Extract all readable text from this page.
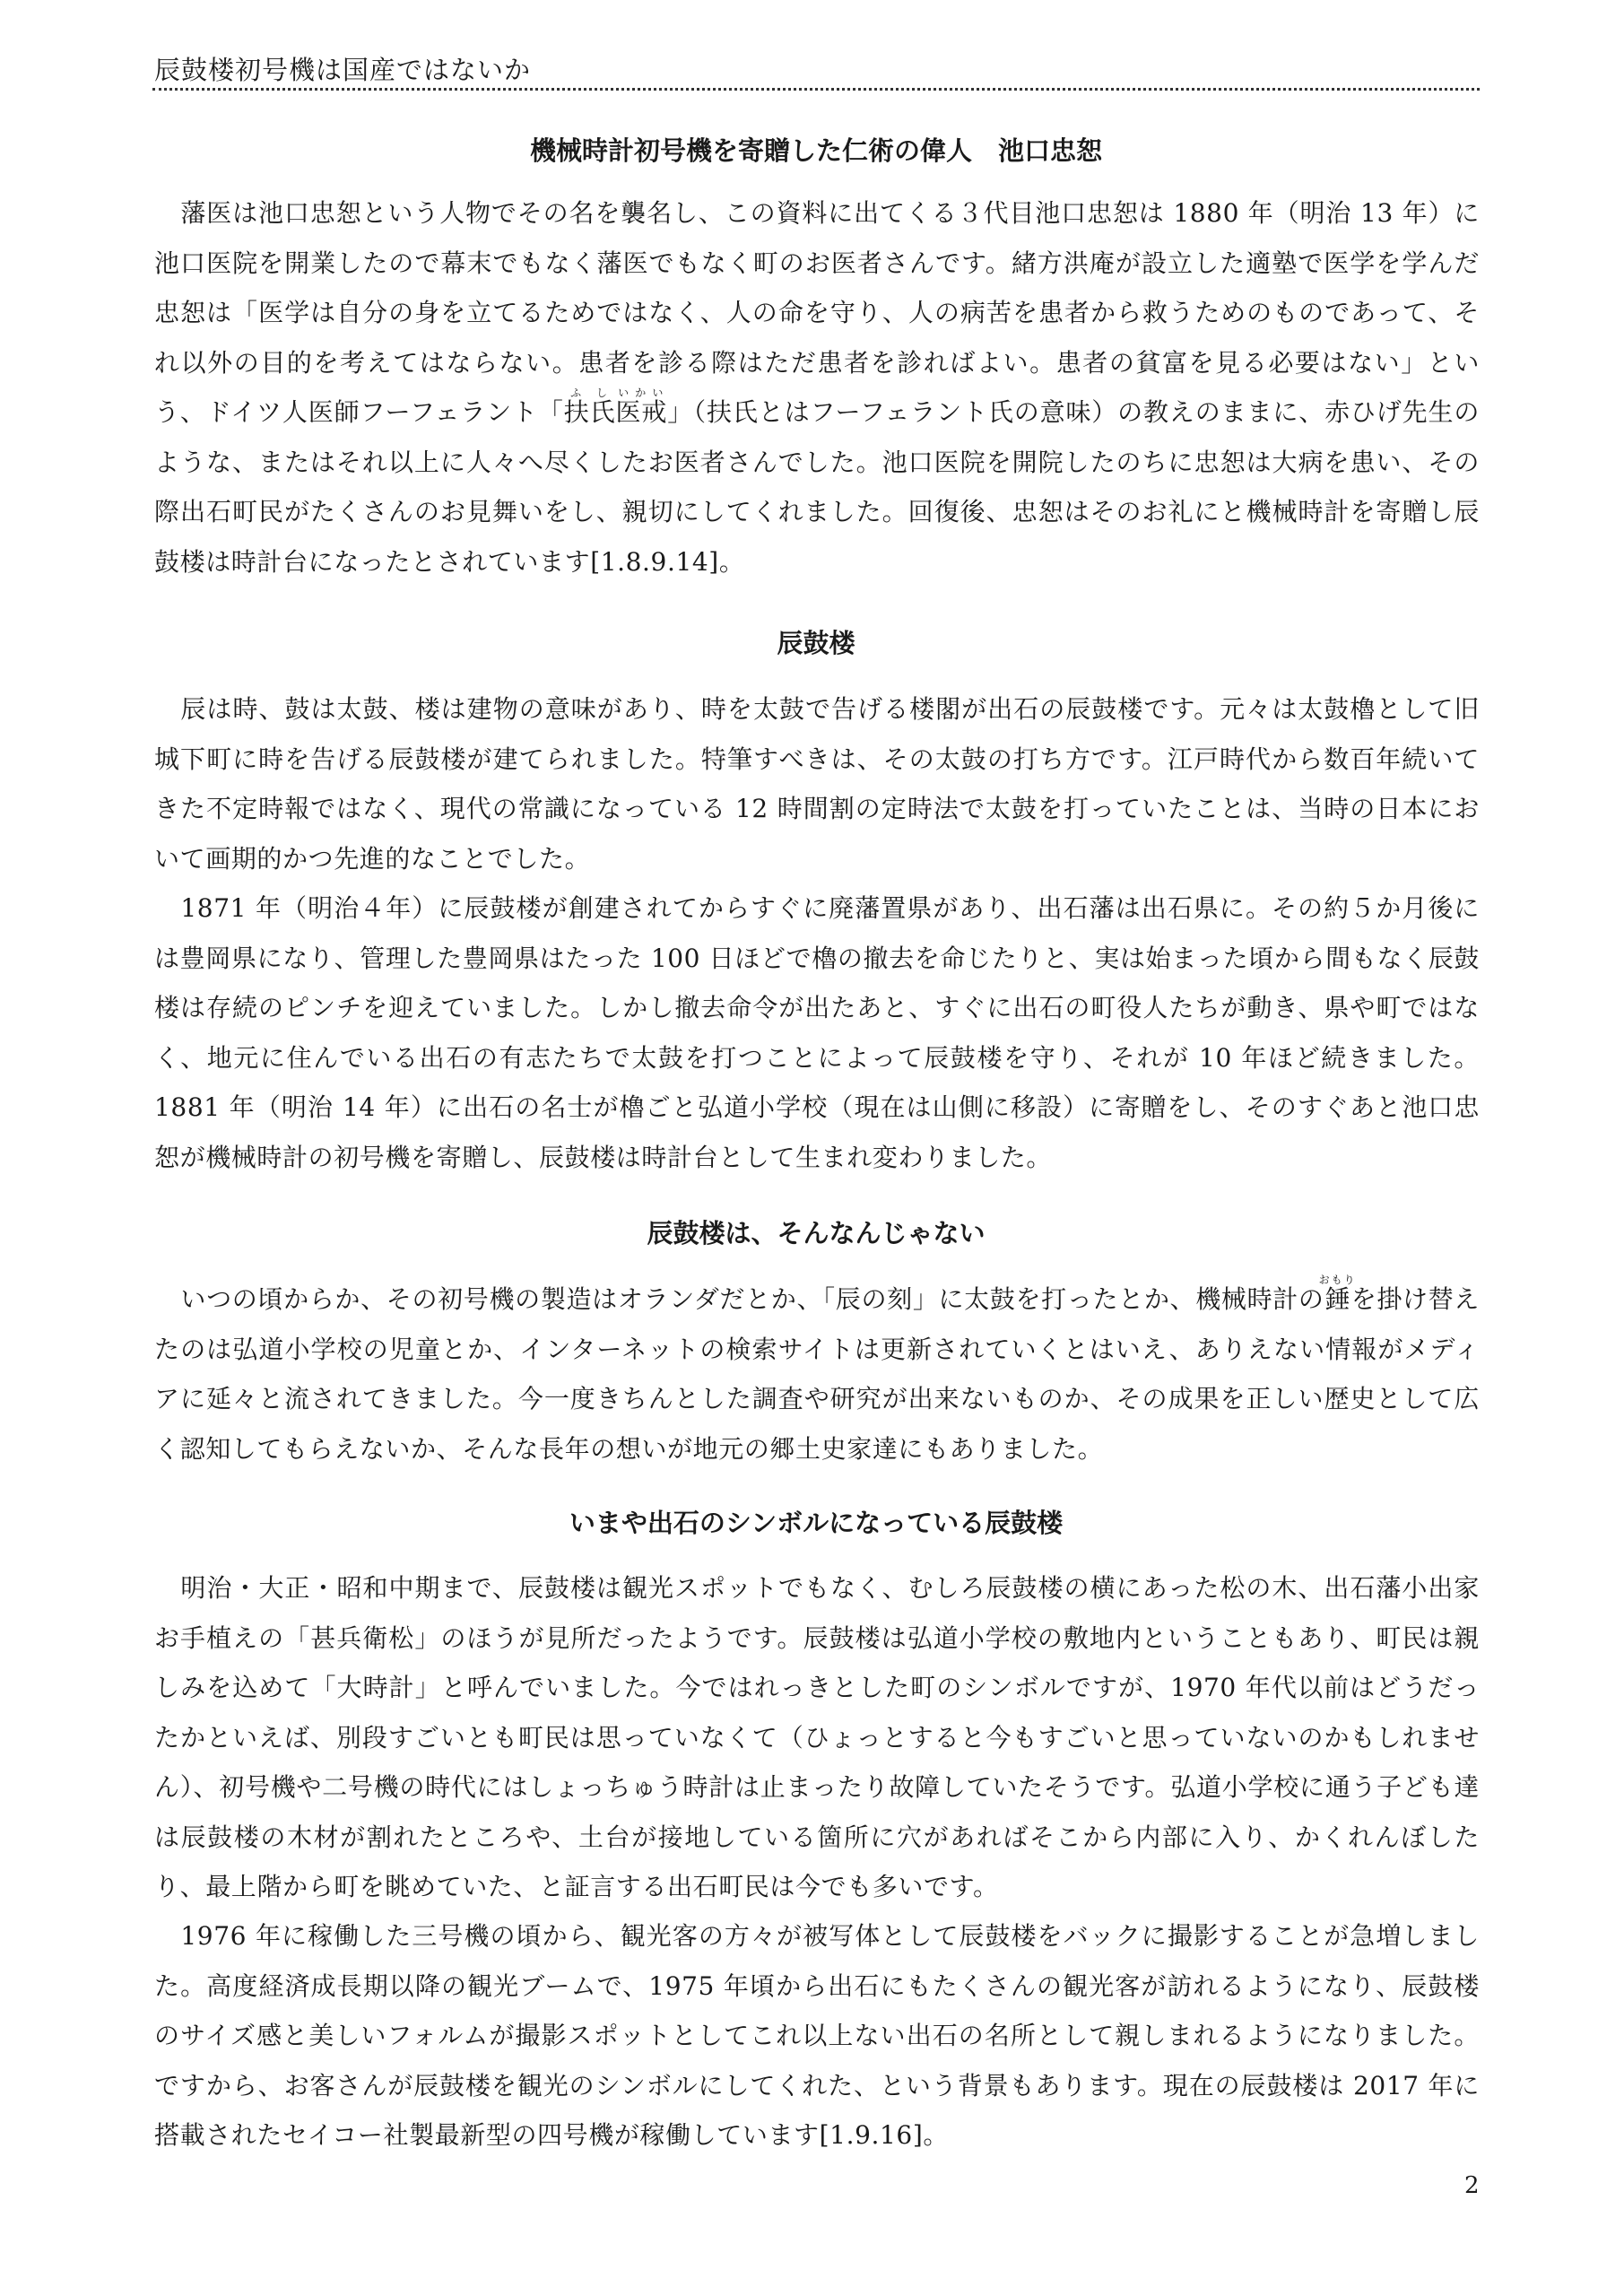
辰鼓楼初号機は国産ではないか
機械時計初号機を寄贈した仁術の偉人　池口忠恕

藩医は池口忠恕という人物でその名を襲名し、この資料に出てくる３代目池口忠恕は 1880 年（明治 13 年）に池口医院を開業したので幕末でもなく藩医でもなく町のお医者さんです。緒方洪庵が設立した適塾で医学を学んだ忠恕は「医学は自分の身を立てるためではなく、人の命を守り、人の病苦を患者から救うためのものであって、それ以外の目的を考えてはならない。患者を診る際はただ患者を診ればよい。患者の貧富を見る必要はない」という、ドイツ人医師フーフェラント「扶ふ氏し医戒いかい」（扶氏とはフーフェラント氏の意味）の教えのままに、赤ひげ先生のような、またはそれ以上に人々へ尽くしたお医者さんでした。池口医院を開院したのちに忠恕は大病を患い、その際出石町民がたくさんのお見舞いをし、親切にしてくれました。回復後、忠恕はそのお礼にと機械時計を寄贈し辰鼓楼は時計台になったとされています[1.8.9.14]。

辰鼓楼

辰は時、鼓は太鼓、楼は建物の意味があり、時を太鼓で告げる楼閣が出石の辰鼓楼です。元々は太鼓櫓として旧城下町に時を告げる辰鼓楼が建てられました。特筆すべきは、その太鼓の打ち方です。江戸時代から数百年続いてきた不定時報ではなく、現代の常識になっている 12 時間割の定時法で太鼓を打っていたことは、当時の日本において画期的かつ先進的なことでした。

1871 年（明治４年）に辰鼓楼が創建されてからすぐに廃藩置県があり、出石藩は出石県に。その約５か月後には豊岡県になり、管理した豊岡県はたった 100 日ほどで櫓の撤去を命じたりと、実は始まった頃から間もなく辰鼓楼は存続のピンチを迎えていました。しかし撤去命令が出たあと、すぐに出石の町役人たちが動き、県や町ではなく、地元に住んでいる出石の有志たちで太鼓を打つことによって辰鼓楼を守り、それが 10 年ほど続きました。1881 年（明治 14 年）に出石の名士が櫓ごと弘道小学校（現在は山側に移設）に寄贈をし、そのすぐあと池口忠恕が機械時計の初号機を寄贈し、辰鼓楼は時計台として生まれ変わりました。

辰鼓楼は、そんなんじゃない

いつの頃からか、その初号機の製造はオランダだとか、「辰の刻」に太鼓を打ったとか、機械時計の錘おもりを掛け替えたのは弘道小学校の児童とか、インターネットの検索サイトは更新されていくとはいえ、ありえない情報がメディアに延々と流されてきました。今一度きちんとした調査や研究が出来ないものか、その成果を正しい歴史として広く認知してもらえないか、そんな長年の想いが地元の郷土史家達にもありました。

いまや出石のシンボルになっている辰鼓楼

明治・大正・昭和中期まで、辰鼓楼は観光スポットでもなく、むしろ辰鼓楼の横にあった松の木、出石藩小出家お手植えの「甚兵衛松」のほうが見所だったようです。辰鼓楼は弘道小学校の敷地内ということもあり、町民は親しみを込めて「大時計」と呼んでいました。今ではれっきとした町のシンボルですが、1970 年代以前はどうだったかといえば、別段すごいとも町民は思っていなくて（ひょっとすると今もすごいと思っていないのかもしれません）、初号機や二号機の時代にはしょっちゅう時計は止まったり故障していたそうです。弘道小学校に通う子ども達は辰鼓楼の木材が割れたところや、土台が接地している箇所に穴があればそこから内部に入り、かくれんぼしたり、最上階から町を眺めていた、と証言する出石町民は今でも多いです。

1976 年に稼働した三号機の頃から、観光客の方々が被写体として辰鼓楼をバックに撮影することが急増しました。高度経済成長期以降の観光ブームで、1975 年頃から出石にもたくさんの観光客が訪れるようになり、辰鼓楼のサイズ感と美しいフォルムが撮影スポットとしてこれ以上ない出石の名所として親しまれるようになりました。ですから、お客さんが辰鼓楼を観光のシンボルにしてくれた、という背景もあります。現在の辰鼓楼は 2017 年に搭載されたセイコー社製最新型の四号機が稼働しています[1.9.16]。

2
